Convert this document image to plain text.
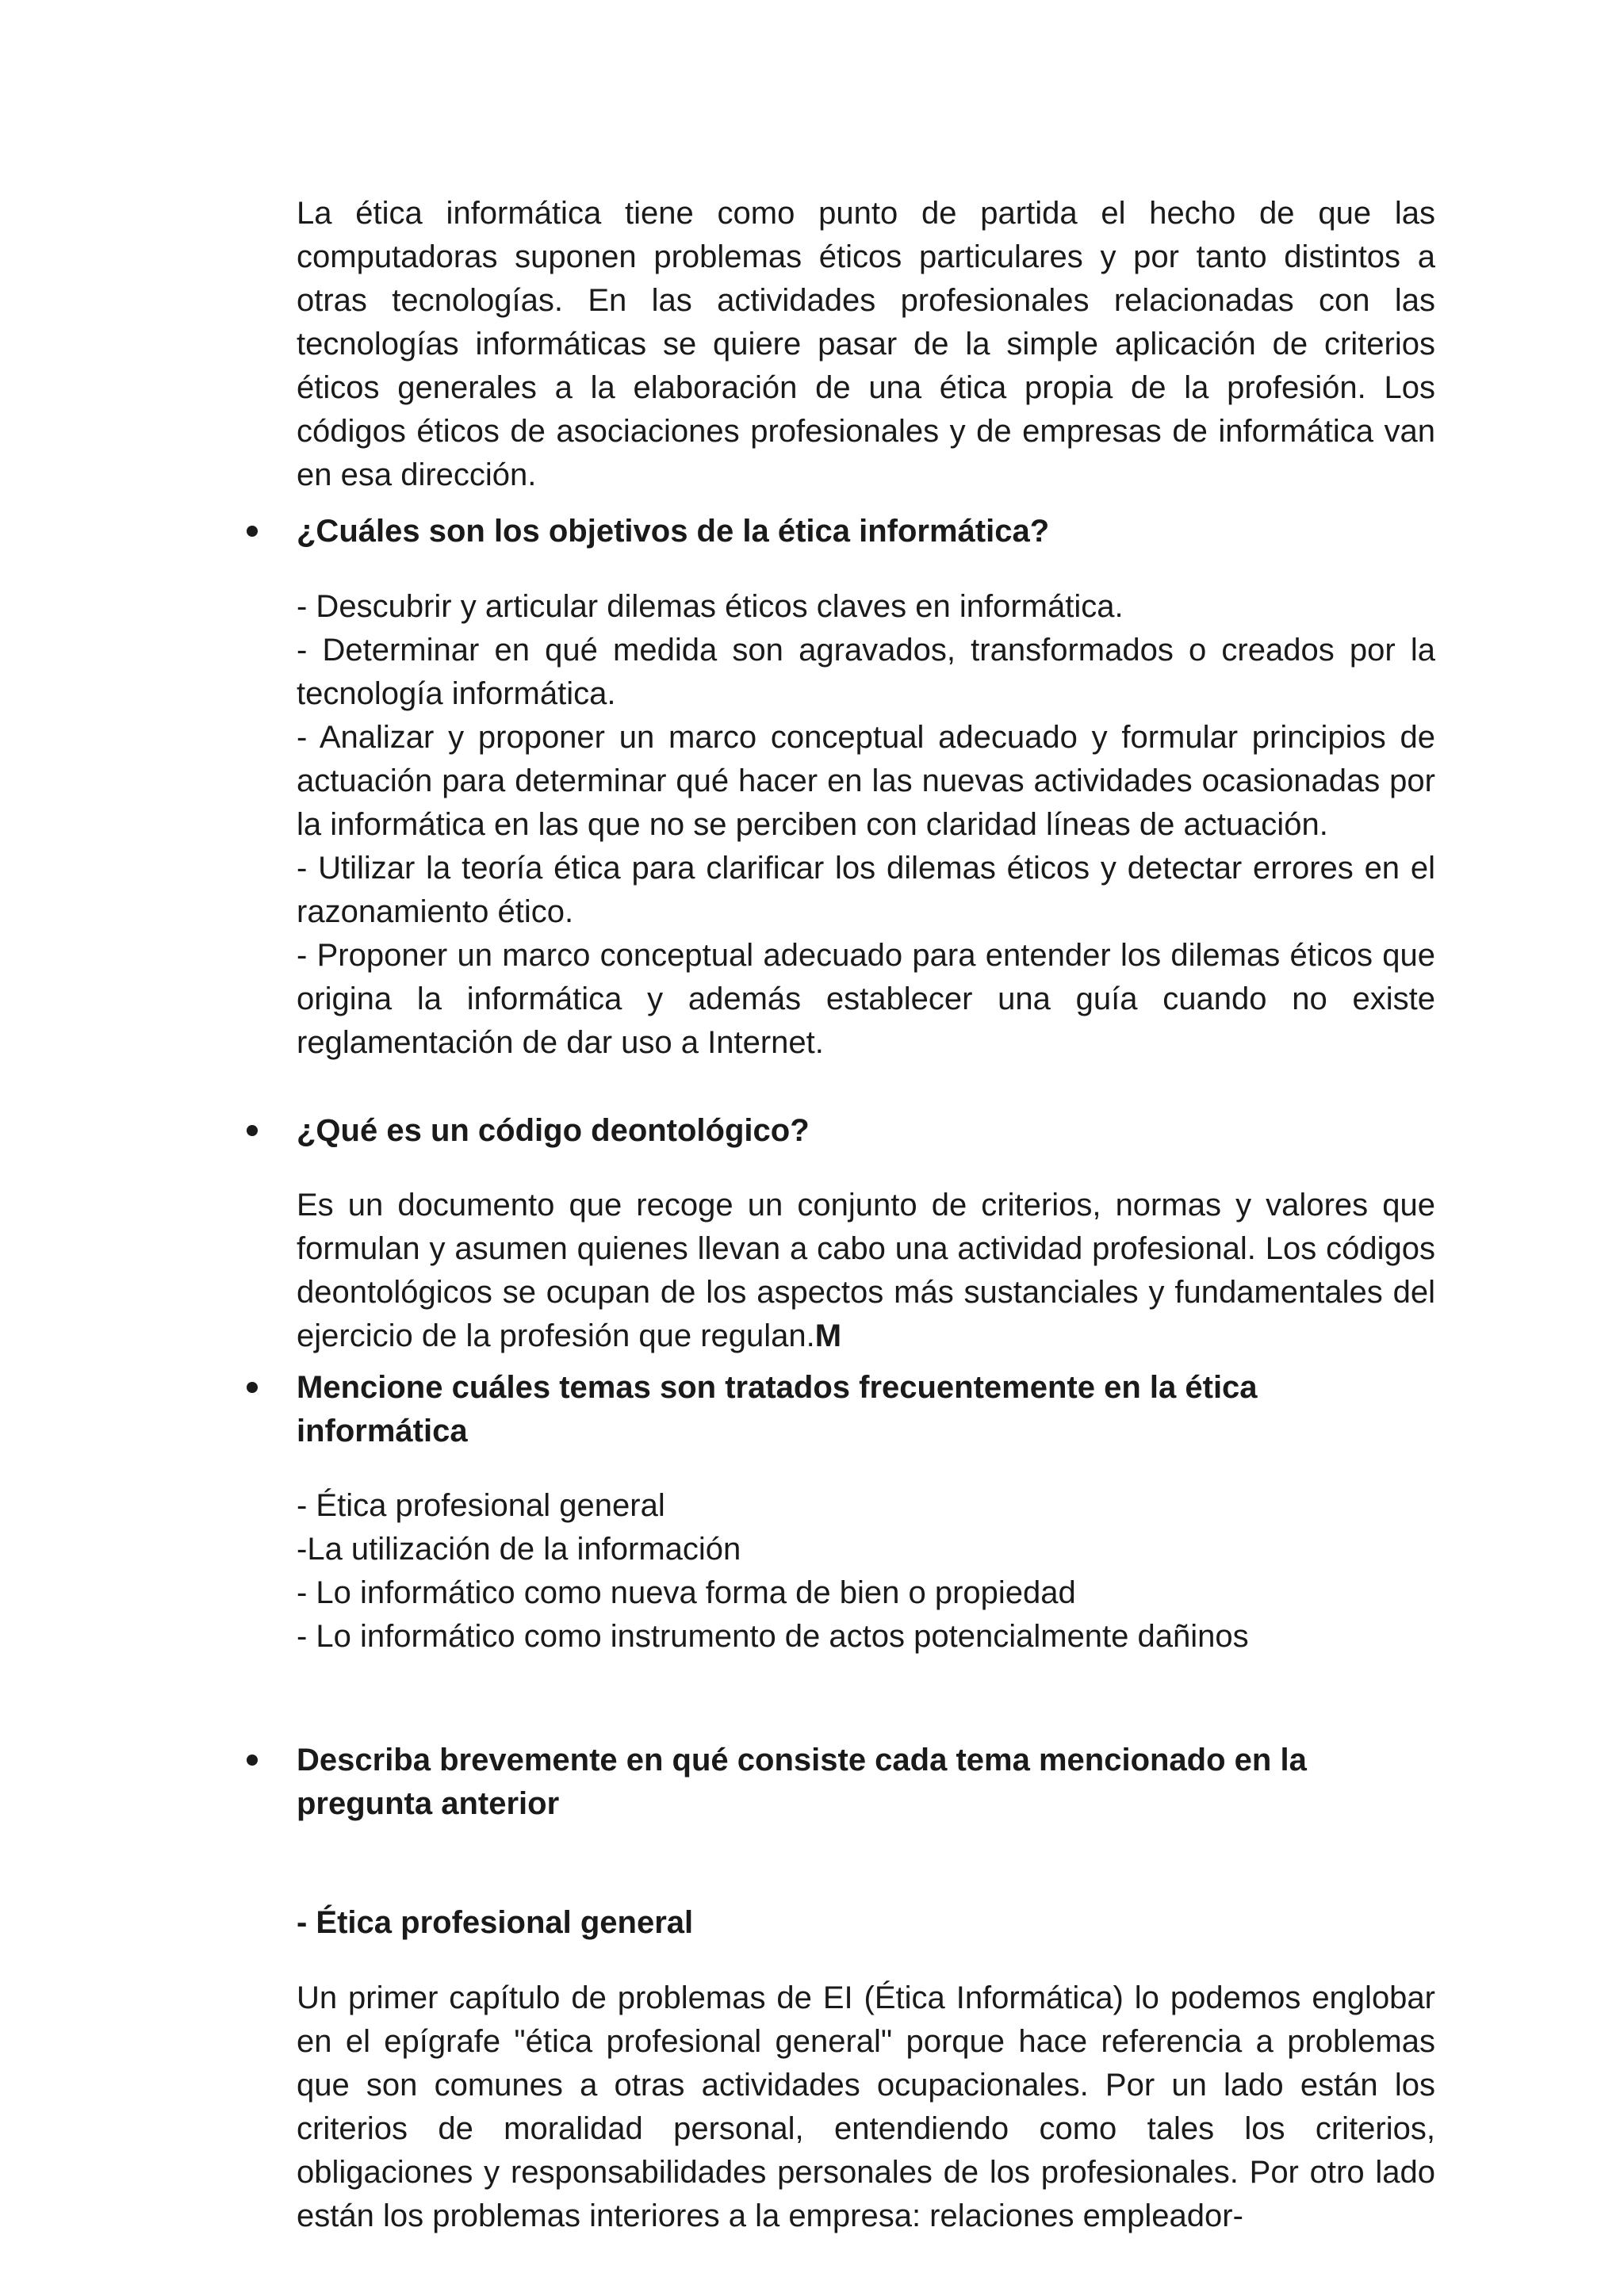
La ética informática tiene como punto de partida el hecho de que las computadoras suponen problemas éticos particulares y por tanto distintos a otras tecnologías. En las actividades profesionales relacionadas con las tecnologías informáticas se quiere pasar de la simple aplicación de criterios éticos generales a la elaboración de una ética propia de la profesión. Los códigos éticos de asociaciones profesionales y de empresas de informática van en esa dirección.
¿Cuáles son los objetivos de la ética informática?
- Descubrir y articular dilemas éticos claves en informática.
- Determinar en qué medida son agravados, transformados o creados por la tecnología informática.
- Analizar y proponer un marco conceptual adecuado y formular principios de actuación para determinar qué hacer en las nuevas actividades ocasionadas por la informática en las que no se perciben con claridad líneas de actuación.
- Utilizar la teoría ética para clarificar los dilemas éticos y detectar errores en el razonamiento ético.
- Proponer un marco conceptual adecuado para entender los dilemas éticos que origina la informática y además establecer una guía cuando no existe reglamentación de dar uso a Internet.
¿Qué es un código deontológico?
Es un documento que recoge un conjunto de criterios, normas y valores que formulan y asumen quienes llevan a cabo una actividad profesional. Los códigos deontológicos se ocupan de los aspectos más sustanciales y fundamentales del ejercicio de la profesión que regulan.M
Mencione cuáles temas son tratados frecuentemente en la ética
informática
- Ética profesional general
-La utilización de la información
- Lo informático como nueva forma de bien o propiedad
- Lo informático como instrumento de actos potencialmente dañinos
Describa brevemente en qué consiste cada tema mencionado en la
pregunta anterior
- Ética profesional general
Un primer capítulo de problemas de EI (Ética Informática) lo podemos englobar en el epígrafe "ética profesional general" porque hace referencia a problemas que son comunes a otras actividades ocupacionales. Por un lado están los criterios de moralidad personal, entendiendo como tales los criterios, obligaciones y responsabilidades personales de los profesionales. Por otro lado están los problemas interiores a la empresa: relaciones empleador-
